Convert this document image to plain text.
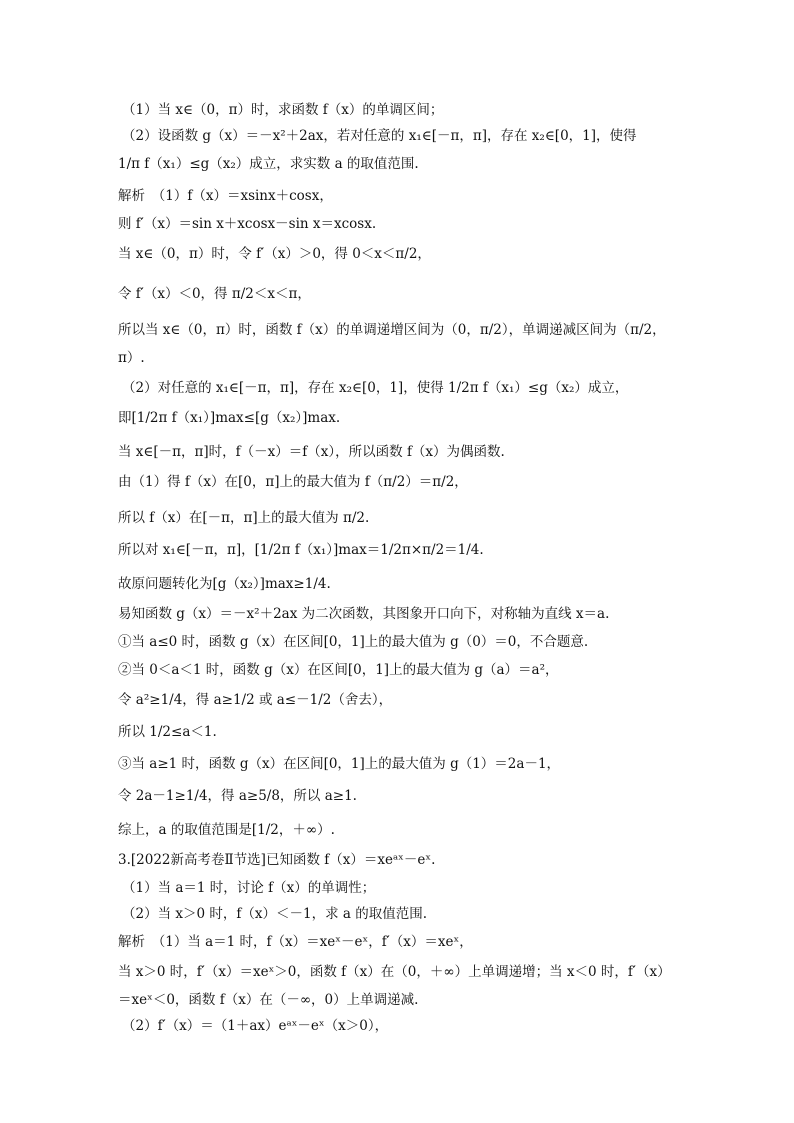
（1）当 x∈（0，π）时，求函数 f（x）的单调区间；
（2）设函数 g（x）＝－x²＋2ax，若对任意的 x₁∈[－π，π]，存在 x₂∈[0，1]，使得
1/π f（x₁）≤g（x₂）成立，求实数 a 的取值范围.
解析　（1）f（x）＝xsinx＋cosx，
则 f′（x）＝sin x＋xcosx－sin x＝xcosx.
当 x∈（0，π）时，令 f′（x）＞0，得 0＜x＜π/2，
令 f′（x）＜0，得 π/2＜x＜π，
所以当 x∈（0，π）时，函数 f（x）的单调递增区间为（0，π/2），单调递减区间为（π/2，
π）.
（2）对任意的 x₁∈[－π，π]，存在 x₂∈[0，1]，使得 1/2π f（x₁）≤g（x₂）成立，
即[1/2π f（x₁）]max≤[g（x₂）]max.
当 x∈[－π，π]时，f（－x）＝f（x），所以函数 f（x）为偶函数.
由（1）得 f（x）在[0，π]上的最大值为 f（π/2）＝π/2，
所以 f（x）在[－π，π]上的最大值为 π/2.
所以对 x₁∈[－π，π]，[1/2π f（x₁）]max＝1/2π×π/2＝1/4.
故原问题转化为[g（x₂）]max≥1/4.
易知函数 g（x）＝－x²＋2ax 为二次函数，其图象开口向下，对称轴为直线 x＝a.
①当 a≤0 时，函数 g（x）在区间[0，1]上的最大值为 g（0）＝0，不合题意.
②当 0＜a＜1 时，函数 g（x）在区间[0，1]上的最大值为 g（a）＝a²，
令 a²≥1/4，得 a≥1/2 或 a≤－1/2（舍去），
所以 1/2≤a＜1.
③当 a≥1 时，函数 g（x）在区间[0，1]上的最大值为 g（1）＝2a－1，
令 2a－1≥1/4，得 a≥5/8，所以 a≥1.
综上，a 的取值范围是[1/2，＋∞）.
3.[2022新高考卷Ⅱ节选]已知函数 f（x）＝xeᵃˣ－eˣ.
（1）当 a＝1 时，讨论 f（x）的单调性；
（2）当 x＞0 时，f（x）＜－1，求 a 的取值范围.
解析　（1）当 a＝1 时，f（x）＝xeˣ－eˣ，f′（x）＝xeˣ，
当 x＞0 时，f′（x）＝xeˣ＞0，函数 f（x）在（0，＋∞）上单调递增；当 x＜0 时，f′（x）
＝xeˣ＜0，函数 f（x）在（－∞，0）上单调递减.
（2）f′（x）＝（1＋ax）eᵃˣ－eˣ（x＞0），
